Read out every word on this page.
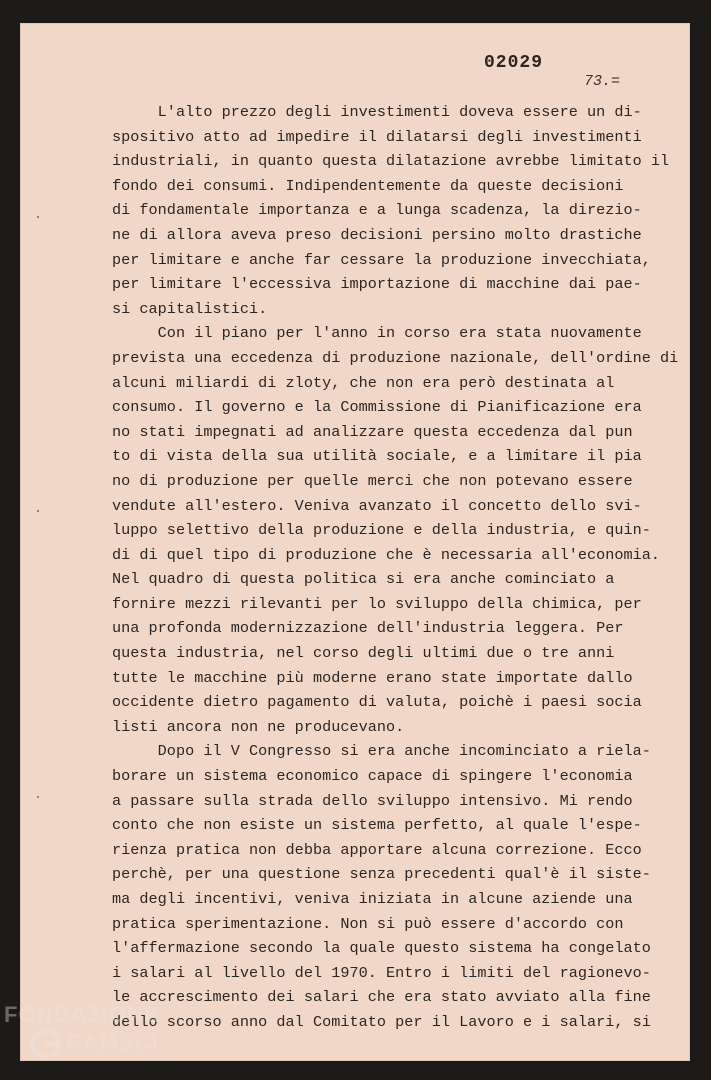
02029
73.=
L'alto prezzo degli investimenti doveva essere un di-
spositivo atto ad impedire il dilatarsi degli investimenti
industriali, in quanto questa dilatazione avrebbe limitato il
fondo dei consumi. Indipendentemente da queste decisioni
di fondamentale importanza e a lunga scadenza, la direzio-
ne di allora aveva preso decisioni persino molto drastiche
per limitare e anche far cessare la produzione invecchiata,
per limitare l'eccessiva importazione di macchine dai pae-
si capitalistici.
Con il piano per l'anno in corso era stata nuovamente
prevista una eccedenza di produzione nazionale, dell'ordine di
alcuni miliardi di zloty, che non era però destinata al
consumo. Il governo e la Commissione di Pianificazione era
no stati impegnati ad analizzare questa eccedenza dal pun
to di vista della sua utilità sociale, e a limitare il pia
no di produzione per quelle merci che non potevano essere
vendute all'estero. Veniva avanzato il concetto dello svi-
luppo selettivo della produzione e della industria, e quin-
di di quel tipo di produzione che è necessaria all'economia.
Nel quadro di questa politica si era anche cominciato a
fornire mezzi rilevanti per lo sviluppo della chimica, per
una profonda modernizzazione dell'industria leggera. Per
questa industria, nel corso degli ultimi due o tre anni
tutte le macchine più moderne erano state importate dallo
occidente dietro pagamento di valuta, poichè i paesi socia
listi ancora non ne producevano.
Dopo il V Congresso si era anche incominciato a riela-
borare un sistema economico capace di spingere l'economia
a passare sulla strada dello sviluppo intensivo. Mi rendo
conto che non esiste un sistema perfetto, al quale l'espe-
rienza pratica non debba apportare alcuna correzione. Ecco
perchè, per una questione senza precedenti qual'è il siste-
ma degli incentivi, veniva iniziata in alcune aziende una
pratica sperimentazione. Non si può essere d'accordo con
l'affermazione secondo la quale questo sistema ha congelato
i salari al livello del 1970. Entro i limiti del ragionevo-
le accrescimento dei salari che era stato avviato alla fine
dello scorso anno dal Comitato per il Lavoro e i salari, si
FONDAZIONE
RAMSCI
onlus
